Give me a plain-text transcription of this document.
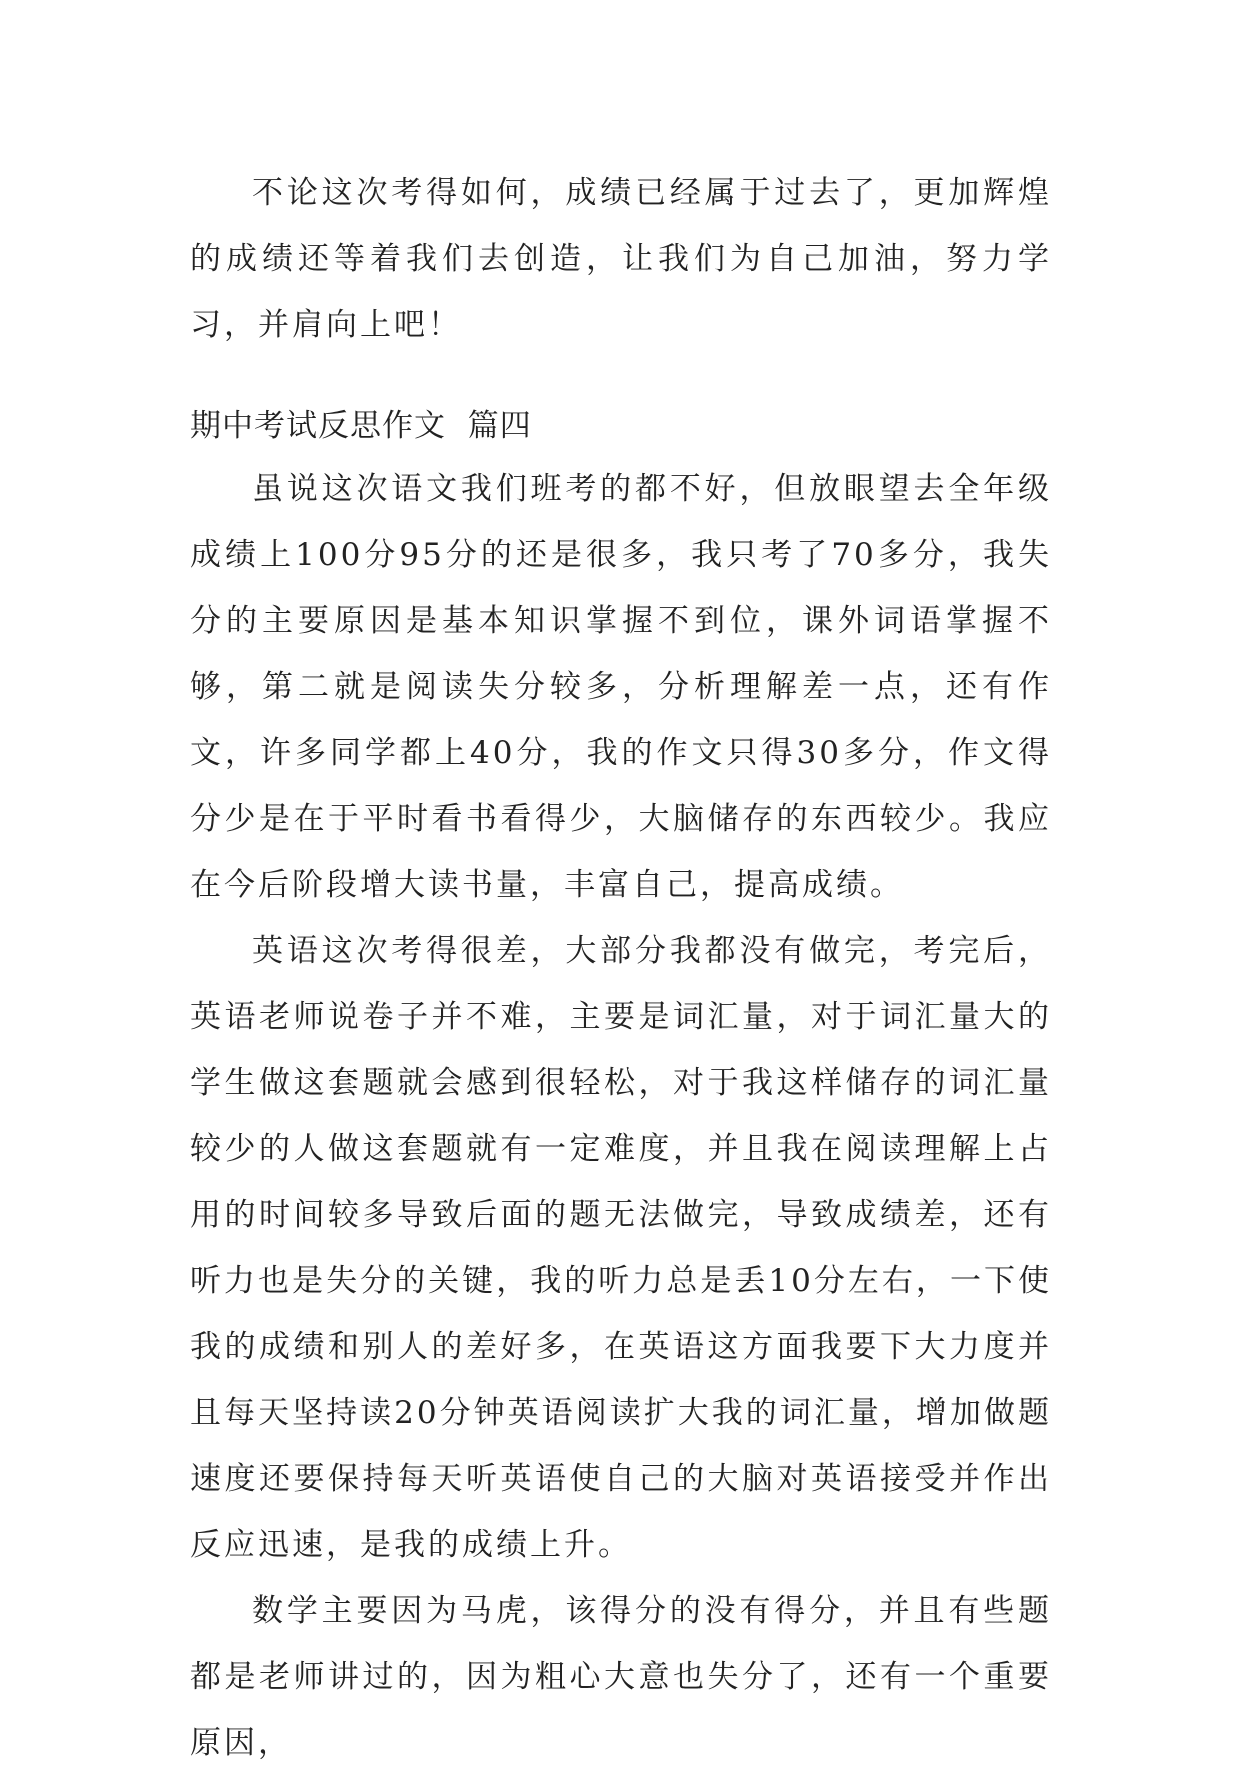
不论这次考得如何，成绩已经属于过去了，更加辉煌的成绩还等着我们去创造，让我们为自己加油，努力学习，并肩向上吧！

期中考试反思作文  篇四

虽说这次语文我们班考的都不好，但放眼望去全年级成绩上100分95分的还是很多，我只考了70多分，我失分的主要原因是基本知识掌握不到位，课外词语掌握不够，第二就是阅读失分较多，分析理解差一点，还有作文，许多同学都上40分，我的作文只得30多分，作文得分少是在于平时看书看得少，大脑储存的东西较少。我应在今后阶段增大读书量，丰富自己，提高成绩。

英语这次考得很差，大部分我都没有做完，考完后，英语老师说卷子并不难，主要是词汇量，对于词汇量大的学生做这套题就会感到很轻松，对于我这样储存的词汇量较少的人做这套题就有一定难度，并且我在阅读理解上占用的时间较多导致后面的题无法做完，导致成绩差，还有听力也是失分的关键，我的听力总是丢10分左右，一下使我的成绩和别人的差好多，在英语这方面我要下大力度并且每天坚持读20分钟英语阅读扩大我的词汇量，增加做题速度还要保持每天听英语使自己的大脑对英语接受并作出反应迅速，是我的成绩上升。

数学主要因为马虎，该得分的没有得分，并且有些题都是老师讲过的，因为粗心大意也失分了，还有一个重要原因，
